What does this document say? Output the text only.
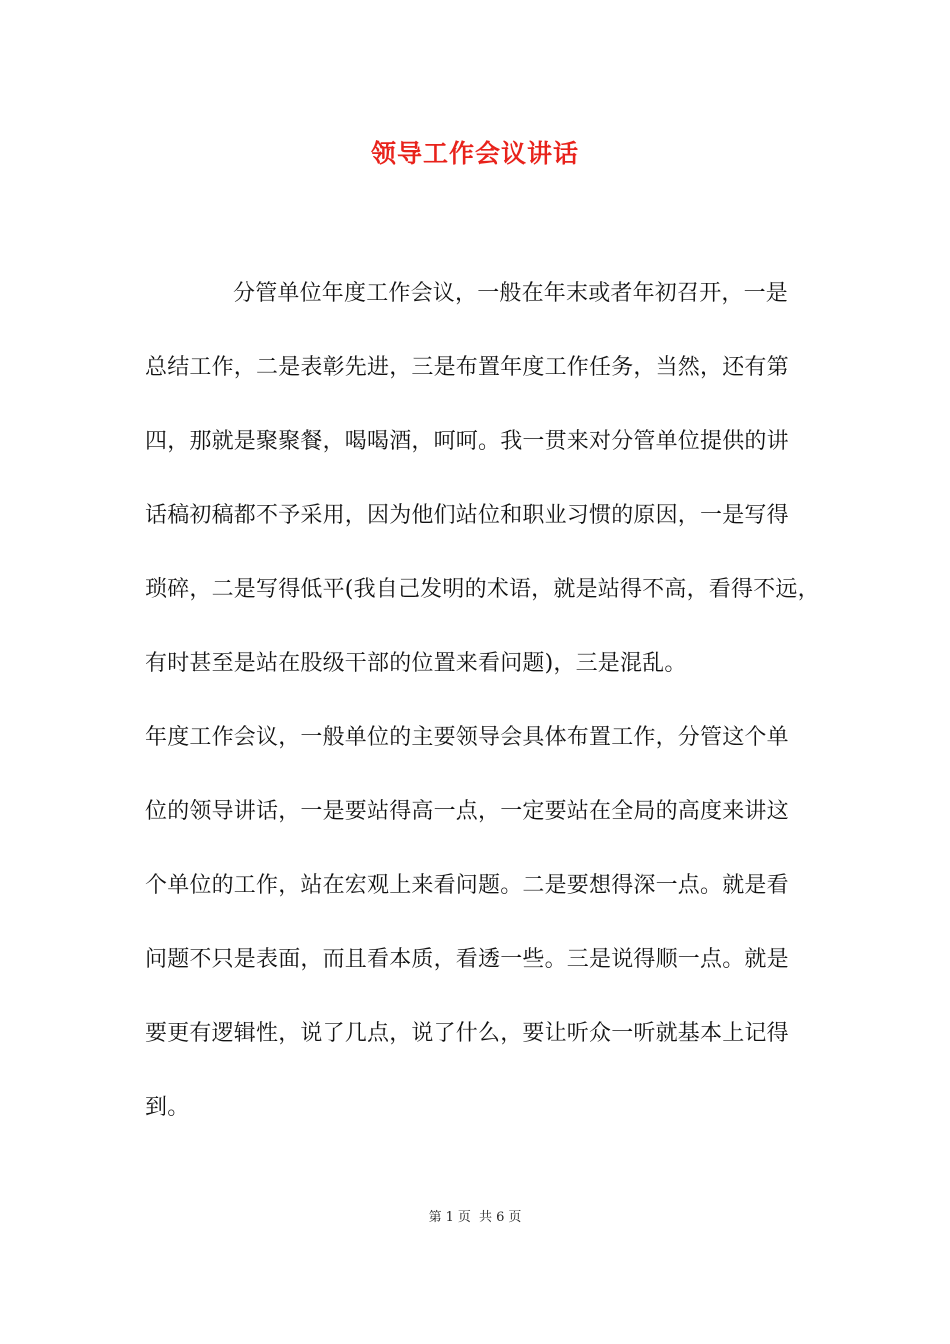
领导工作会议讲话
分管单位年度工作会议，一般在年末或者年初召开，一是
总结工作，二是表彰先进，三是布置年度工作任务，当然，还有第
四，那就是聚聚餐，喝喝酒，呵呵。我一贯来对分管单位提供的讲
话稿初稿都不予采用，因为他们站位和职业习惯的原因，一是写得
琐碎，二是写得低平(我自己发明的术语，就是站得不高，看得不远，
有时甚至是站在股级干部的位置来看问题)，三是混乱。
年度工作会议，一般单位的主要领导会具体布置工作，分管这个单
位的领导讲话，一是要站得高一点，一定要站在全局的高度来讲这
个单位的工作，站在宏观上来看问题。二是要想得深一点。就是看
问题不只是表面，而且看本质，看透一些。三是说得顺一点。就是
要更有逻辑性，说了几点，说了什么，要让听众一听就基本上记得
到。
第 1 页 共 6 页
